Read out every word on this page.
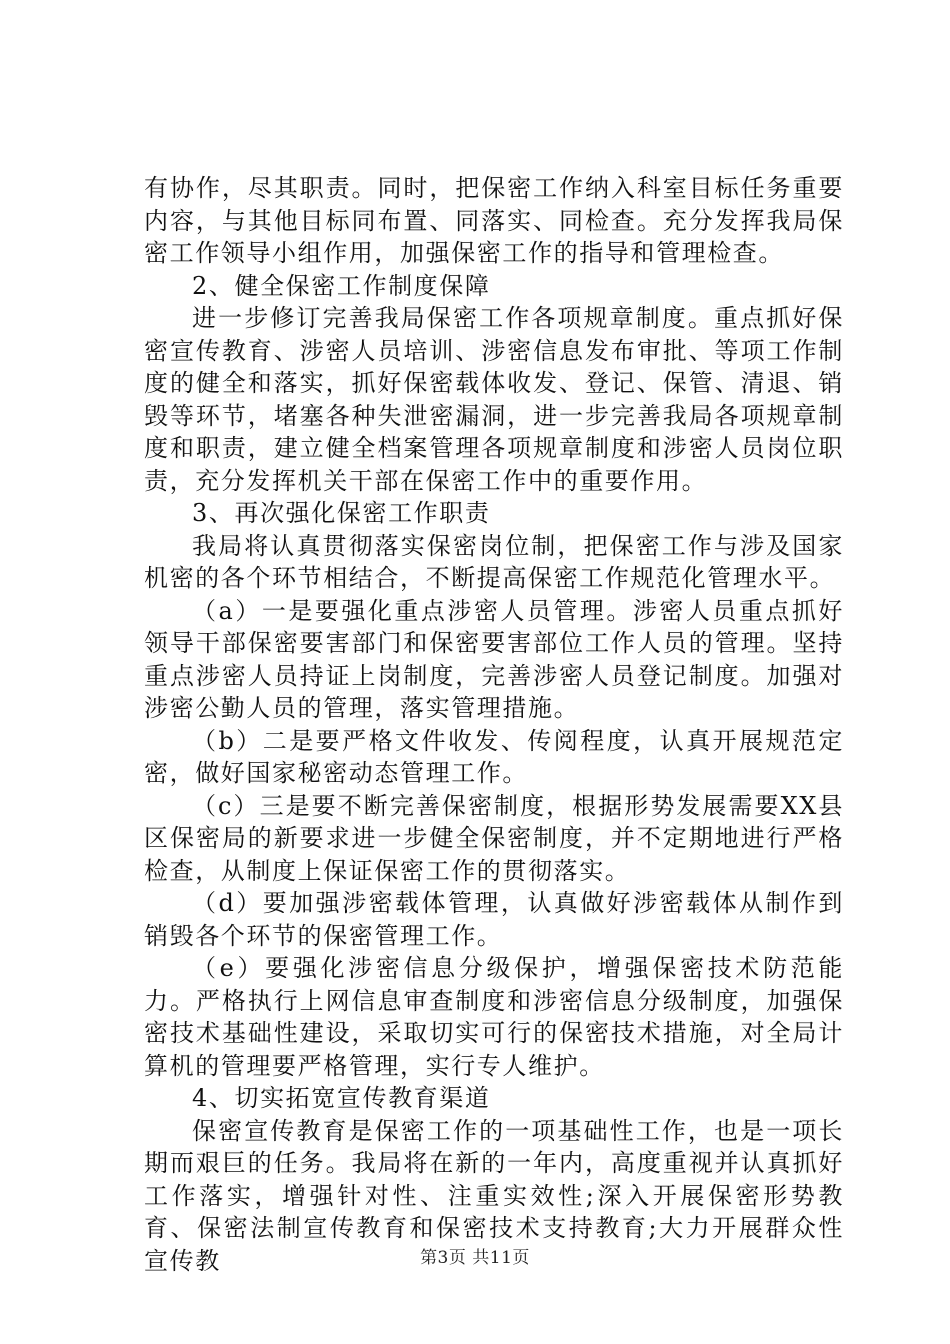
有协作，尽其职责。同时，把保密工作纳入科室目标任务重要内容，与其他目标同布置、同落实、同检查。充分发挥我局保密工作领导小组作用，加强保密工作的指导和管理检查。

2、健全保密工作制度保障

进一步修订完善我局保密工作各项规章制度。重点抓好保密宣传教育、涉密人员培训、涉密信息发布审批、等项工作制度的健全和落实，抓好保密载体收发、登记、保管、清退、销毁等环节，堵塞各种失泄密漏洞，进一步完善我局各项规章制度和职责，建立健全档案管理各项规章制度和涉密人员岗位职责，充分发挥机关干部在保密工作中的重要作用。

3、再次强化保密工作职责

我局将认真贯彻落实保密岗位制，把保密工作与涉及国家机密的各个环节相结合，不断提高保密工作规范化管理水平。

（a）一是要强化重点涉密人员管理。涉密人员重点抓好领导干部保密要害部门和保密要害部位工作人员的管理。坚持重点涉密人员持证上岗制度，完善涉密人员登记制度。加强对涉密公勤人员的管理，落实管理措施。

（b）二是要严格文件收发、传阅程度，认真开展规范定密，做好国家秘密动态管理工作。

（c）三是要不断完善保密制度，根据形势发展需要XX县区保密局的新要求进一步健全保密制度，并不定期地进行严格检查，从制度上保证保密工作的贯彻落实。

（d）要加强涉密载体管理，认真做好涉密载体从制作到销毁各个环节的保密管理工作。

（e）要强化涉密信息分级保护，增强保密技术防范能力。严格执行上网信息审查制度和涉密信息分级制度，加强保密技术基础性建设，采取切实可行的保密技术措施，对全局计算机的管理要严格管理，实行专人维护。

4、切实拓宽宣传教育渠道

保密宣传教育是保密工作的一项基础性工作，也是一项长期而艰巨的任务。我局将在新的一年内，高度重视并认真抓好工作落实，增强针对性、注重实效性;深入开展保密形势教育、保密法制宣传教育和保密技术支持教育;大力开展群众性宣传教	第3页 共11页
